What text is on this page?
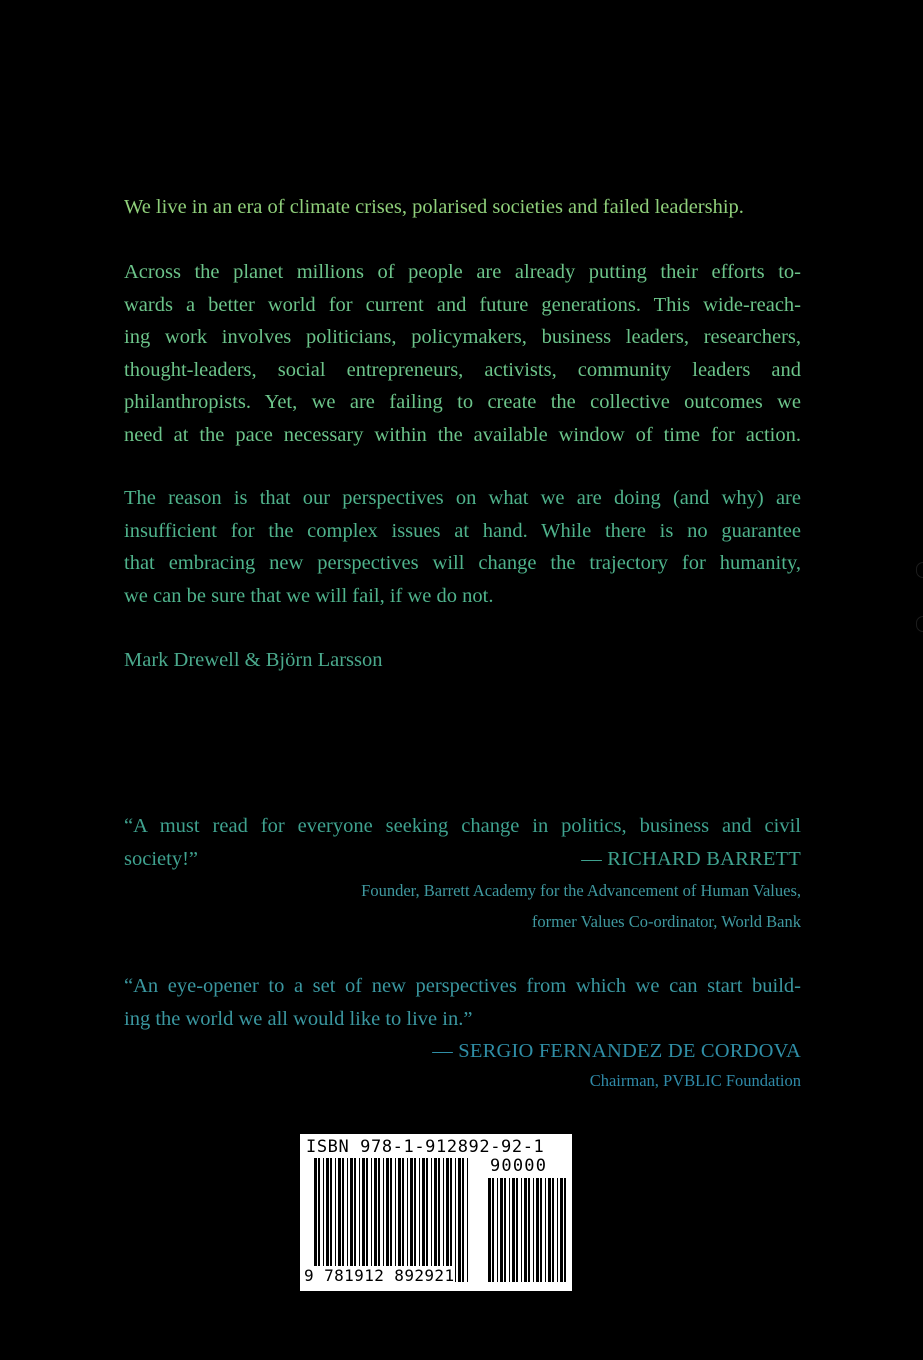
We live in an era of climate crises, polarised societies and failed leadership.
Across the planet millions of people are already putting their efforts to-
wards a better world for current and future generations. This wide-reach-
ing work involves politicians, policymakers, business leaders, researchers,
thought-leaders, social entrepreneurs, activists, community leaders and
philanthropists. Yet, we are failing to create the collective outcomes we
need at the pace necessary within the available window of time for action.
The reason is that our perspectives on what we are doing (and why) are
insufficient for the complex issues at hand. While there is no guarantee
that embracing new perspectives will change the trajectory for humanity,
we can be sure that we will fail, if we do not.
Mark Drewell & Björn Larsson
“A must read for everyone seeking change in politics, business and civil
society!”	— RICHARD BARRETT
Founder, Barrett Academy for the Advancement of Human Values,
former Values Co-ordinator, World Bank
“An eye-opener to a set of new perspectives from which we can start build-
ing the world we all would like to live in.”
— SERGIO FERNANDEZ DE CORDOVA
Chairman, PVBLIC Foundation
ISBN 978-1-912892-92-1
90000
9 781912 892921
